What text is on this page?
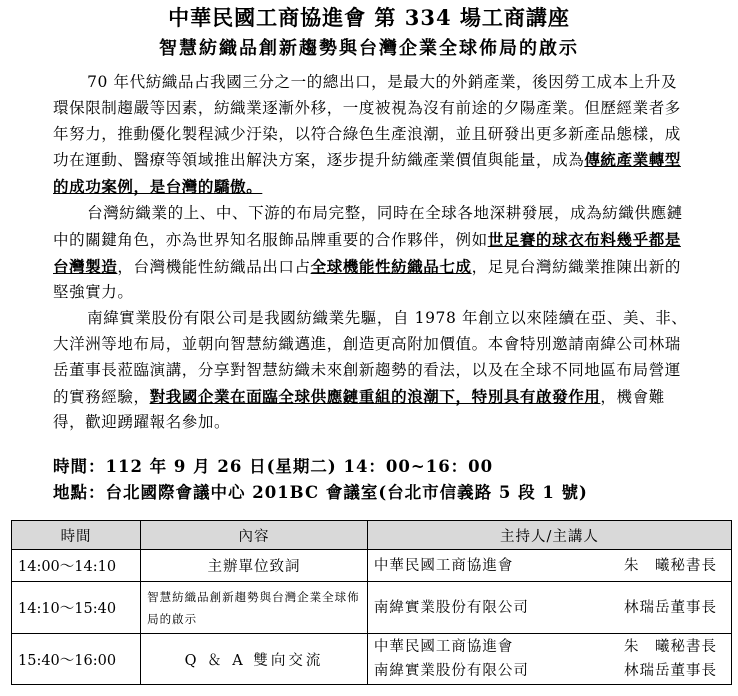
中華民國工商協進會 第 334 場工商講座
智慧紡織品創新趨勢與台灣企業全球佈局的啟示

70 年代紡織品占我國三分之一的總出口，是最大的外銷產業，後因勞工成本上升及環保限制趨嚴等因素，紡織業逐漸外移，一度被視為沒有前途的夕陽產業。但歷經業者多年努力，推動優化製程減少汙染，以符合綠色生產浪潮，並且研發出更多新產品態樣，成功在運動、醫療等領域推出解決方案，逐步提升紡織產業價值與能量，成為傳統產業轉型的成功案例，是台灣的驕傲。

台灣紡織業的上、中、下游的布局完整，同時在全球各地深耕發展，成為紡織供應鏈中的關鍵角色，亦為世界知名服飾品牌重要的合作夥伴，例如世足賽的球衣布料幾乎都是台灣製造，台灣機能性紡織品出口占全球機能性紡織品七成，足見台灣紡織業推陳出新的堅強實力。

南緯實業股份有限公司是我國紡織業先驅，自 1978 年創立以來陸續在亞、美、非、大洋洲等地布局，並朝向智慧紡織邁進，創造更高附加價值。本會特別邀請南緯公司林瑞岳董事長蒞臨演講，分享對智慧紡織未來創新趨勢的看法，以及在全球不同地區布局營運的實務經驗，對我國企業在面臨全球供應鏈重組的浪潮下，特別具有啟發作用，機會難得，歡迎踴躍報名參加。

時間：112 年 9 月 26 日(星期二) 14：00~16：00
地點：台北國際會議中心 201BC 會議室(台北市信義路 5 段 1 號)
時間	內容	主持人/主講人
14:00～14:10	主辦單位致詞	中華民國工商協進會 朱　曦秘書長

14:10～15:40	智慧紡織品創新趨勢與台灣企業全球佈局的啟示	南緯實業股份有限公司 林瑞岳董事長

15:40～16:00	Q ＆ A 雙向交流	中華民國工商協進會 朱　曦秘書長
南緯實業股份有限公司 林瑞岳董事長
